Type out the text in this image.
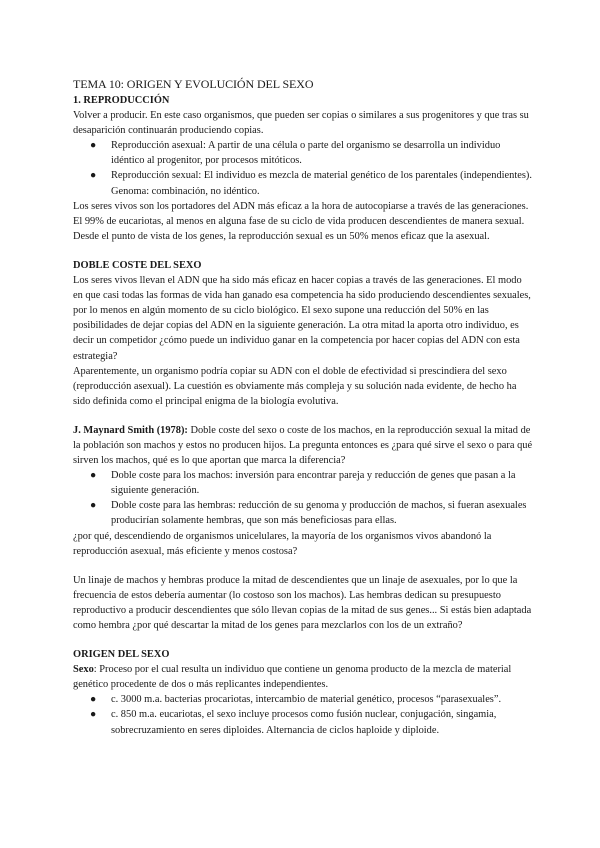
TEMA 10: ORIGEN Y EVOLUCIÓN DEL SEXO

1. REPRODUCCIÓN

Volver a producir. En este caso organismos, que pueden ser copias o similares a sus progenitores y que tras su desaparición continuarán produciendo copias.

● Reproducción asexual: A partir de una célula o parte del organismo se desarrolla un individuo idéntico al progenitor, por procesos mitóticos.
● Reproducción sexual: El individuo es mezcla de material genético de los parentales (independientes). Genoma: combinación, no idéntico.

Los seres vivos son los portadores del ADN más eficaz a la hora de autocopiarse a través de las generaciones. El 99% de eucariotas, al menos en alguna fase de su ciclo de vida producen descendientes de manera sexual. Desde el punto de vista de los genes, la reproducción sexual es un 50% menos eficaz que la asexual.

DOBLE COSTE DEL SEXO

Los seres vivos llevan el ADN que ha sido más eficaz en hacer copias a través de las generaciones. El modo en que casi todas las formas de vida han ganado esa competencia ha sido produciendo descendientes sexuales, por lo menos en algún momento de su ciclo biológico. El sexo supone una reducción del 50% en las posibilidades de dejar copias del ADN en la siguiente generación. La otra mitad la aporta otro individuo, es decir un competidor ¿cómo puede un individuo ganar en la competencia por hacer copias del ADN con esta estrategia?

Aparentemente, un organismo podría copiar su ADN con el doble de efectividad si prescindiera del sexo (reproducción asexual). La cuestión es obviamente más compleja y su solución nada evidente, de hecho ha sido definida como el principal enigma de la biología evolutiva.

J. Maynard Smith (1978): Doble coste del sexo o coste de los machos, en la reproducción sexual la mitad de la población son machos y estos no producen hijos. La pregunta entonces es ¿para qué sirve el sexo o para qué sirven los machos, qué es lo que aportan que marca la diferencia?

● Doble coste para los machos: inversión para encontrar pareja y reducción de genes que pasan a la siguiente generación.
● Doble coste para las hembras: reducción de su genoma y producción de machos, si fueran asexuales producirían solamente hembras, que son más beneficiosas para ellas.

¿por qué, descendiendo de organismos unicelulares, la mayoría de los organismos vivos abandonó la reproducción asexual, más eficiente y menos costosa?

Un linaje de machos y hembras produce la mitad de descendientes que un linaje de asexuales, por lo que la frecuencia de estos debería aumentar (lo costoso son los machos). Las hembras dedican su presupuesto reproductivo a producir descendientes que sólo llevan copias de la mitad de sus genes... Si estás bien adaptada como hembra ¿por qué descartar la mitad de los genes para mezclarlos con los de un extraño?

ORIGEN DEL SEXO

Sexo: Proceso por el cual resulta un individuo que contiene un genoma producto de la mezcla de material genético procedente de dos o más replicantes independientes.

● c. 3000 m.a. bacterias procariotas, intercambio de material genético, procesos “parasexuales”.
● c. 850 m.a. eucariotas, el sexo incluye procesos como fusión nuclear, conjugación, singamia, sobrecruzamiento en seres diploides. Alternancia de ciclos haploide y diploide.
